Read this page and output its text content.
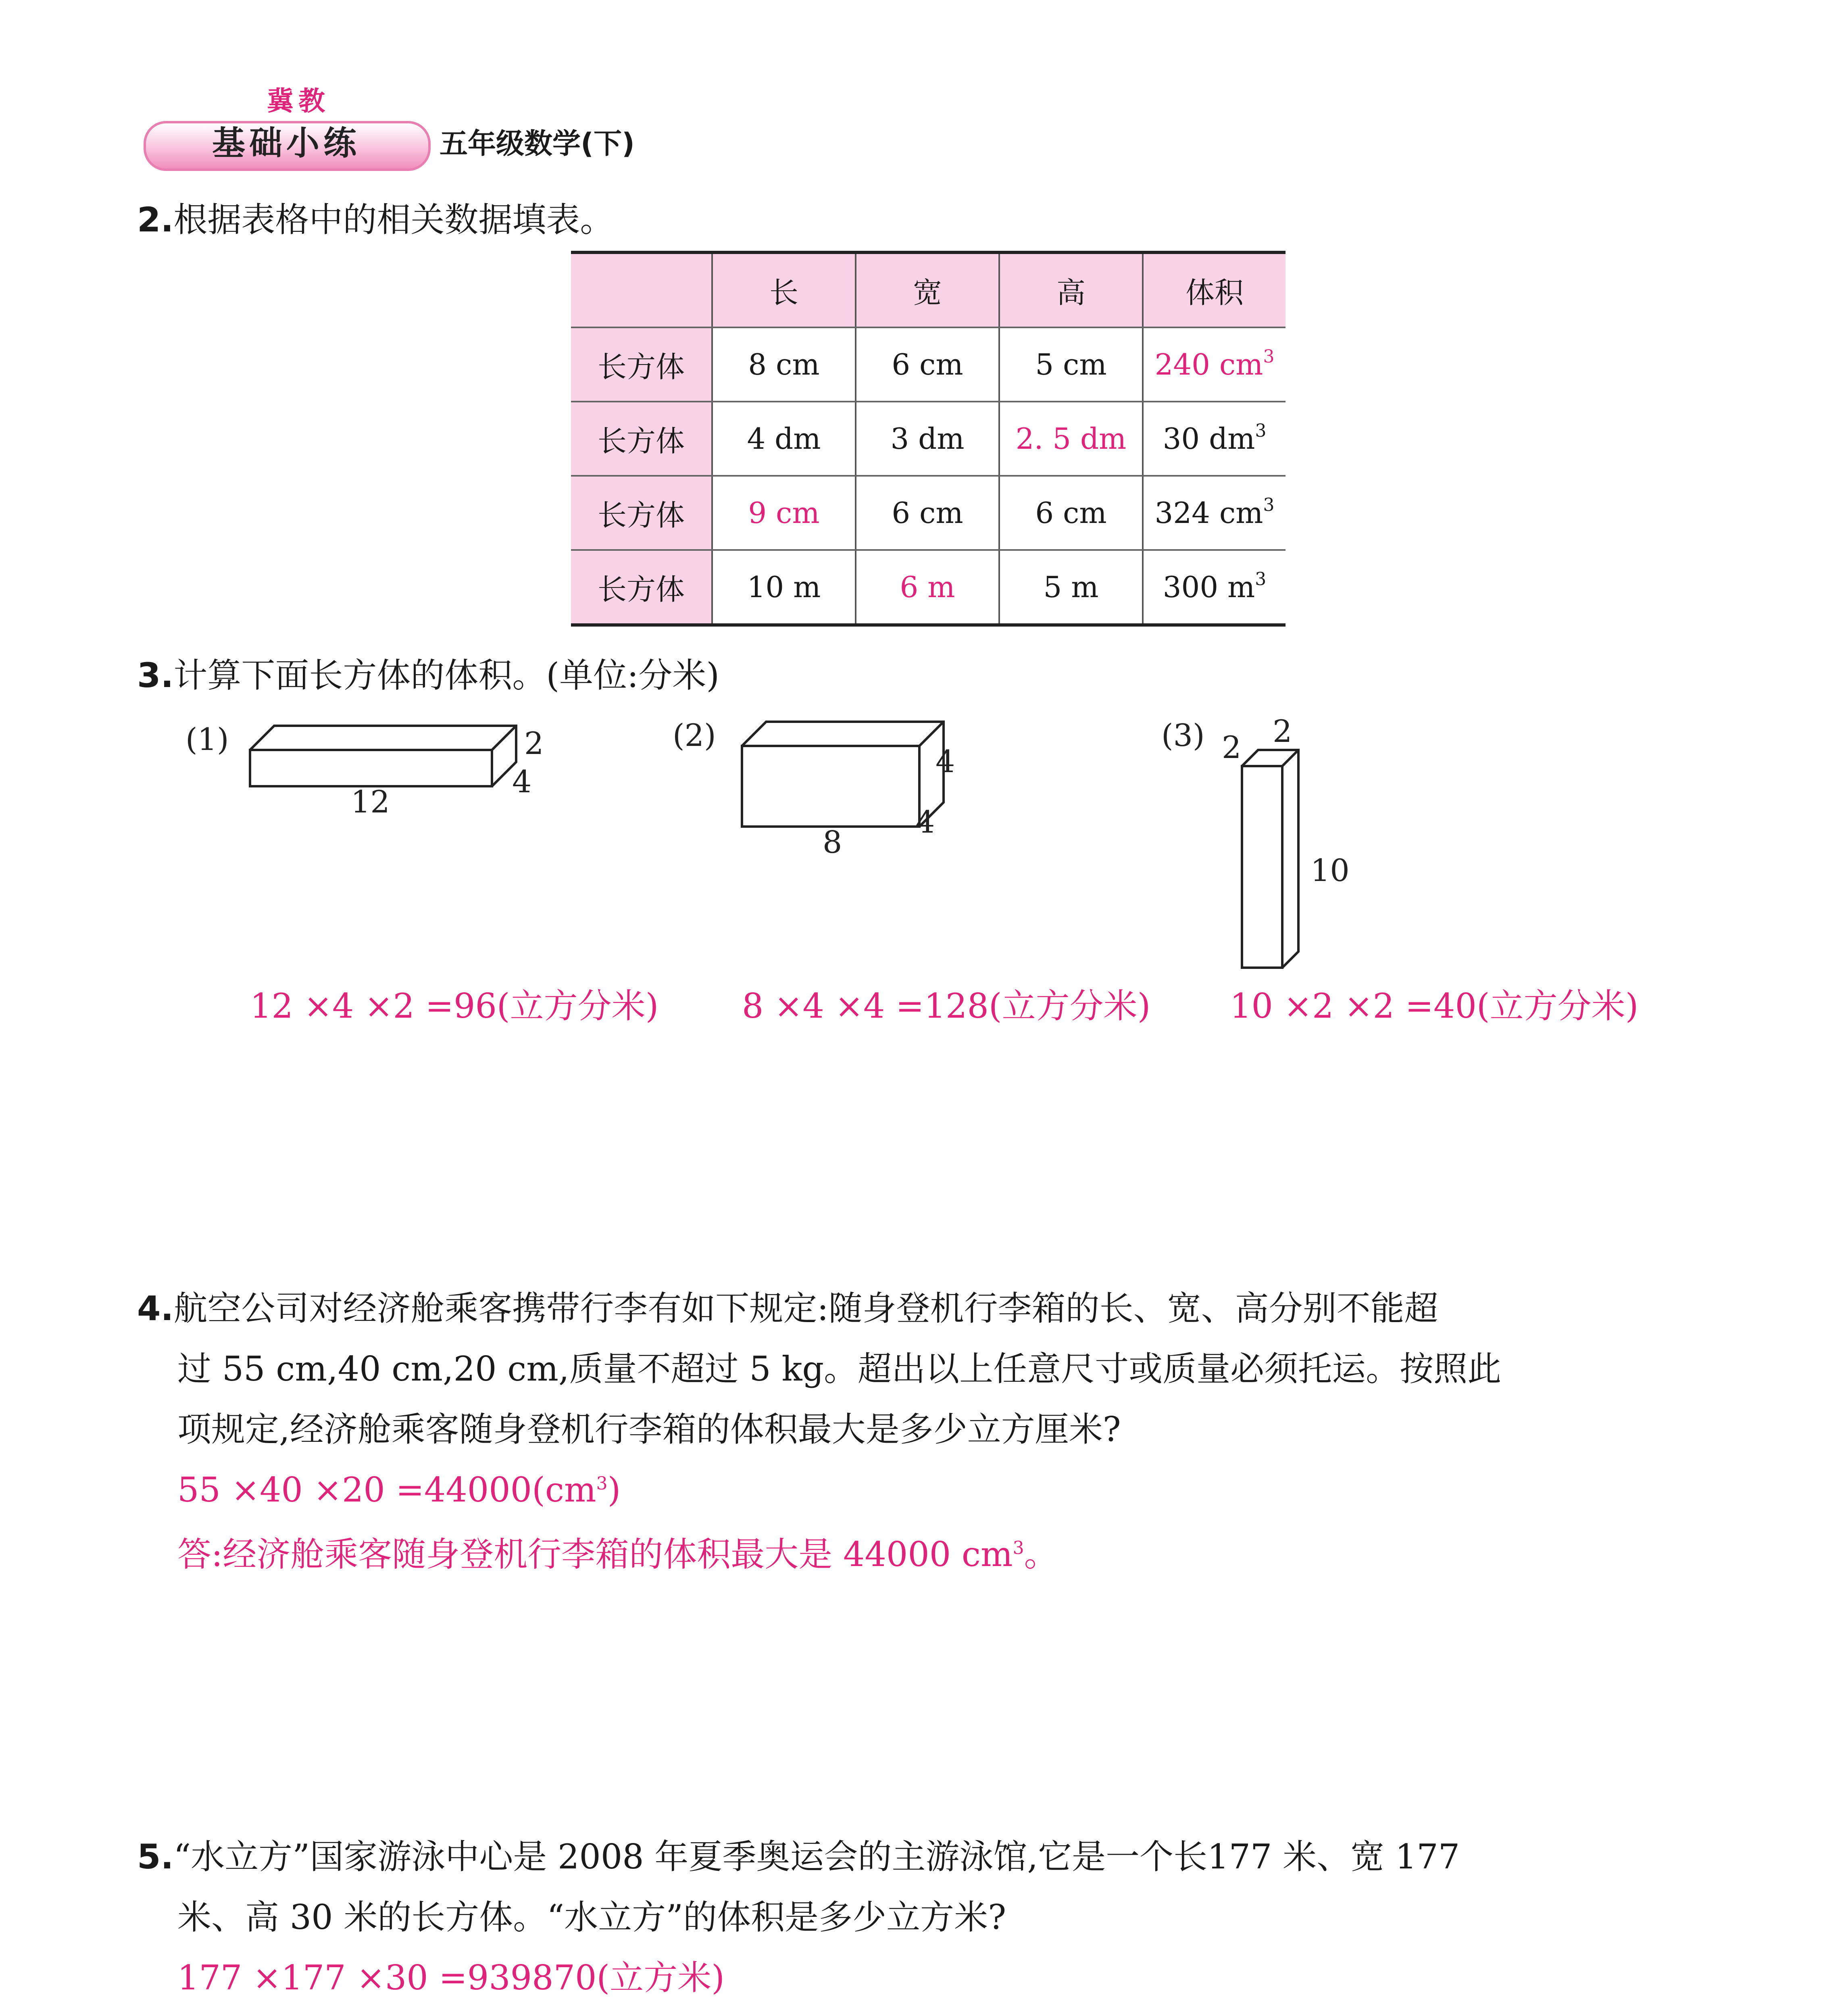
冀教
基础小练	五年级数学(下)
2.根据表格中的相关数据填表。
	长	宽	高	体积
长方体	8 cm	6 cm	5 cm	240 $cm^3$
长方体	4 dm	3 dm	2. 5 dm	30 $dm^3$
长方体	9 cm	6 cm	6 cm	324 $cm^3$
长方体	10 m	6 m	5 m	300 $m^3$
3.计算下面长方体的体积。(单位:分米)
(1)
12
2
4
(2)
8
4
4
(3) 2 2
10
12 ×4 ×2 =96(立方分米) 8 ×4 ×4 =128(立方分米) 10 ×2 ×2 =40(立方分米)
4.航空公司对经济舱乘客携带行李有如下规定:随身登机行李箱的长、宽、高分别不能超
过 55 cm,40 cm,20 cm,质量不超过 5 kg。超出以上任意尺寸或质量必须托运。按照此
项规定,经济舱乘客随身登机行李箱的体积最大是多少立方厘米?
$55 \times 40 \times 20 =44000(cm^3)$
答:经济舱乘客随身登机行李箱的体积最大是 44000 $cm^3$。
5.“水立方”国家游泳中心是 2008 年夏季奥运会的主游泳馆,它是一个长177 米、宽 177
米、高 30 米的长方体。“水立方”的体积是多少立方米?
177 ×177 ×30 =939870(立方米)
